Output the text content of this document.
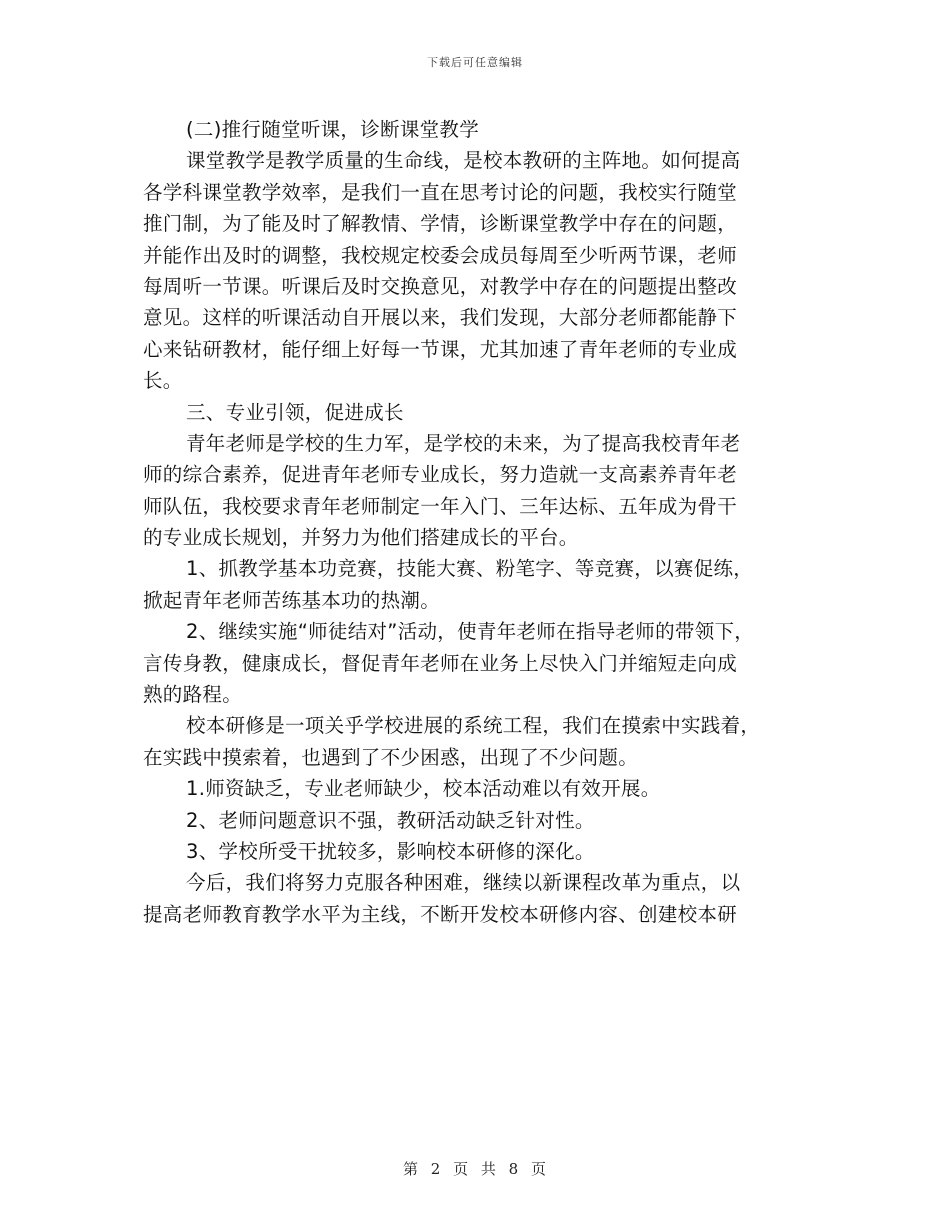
下载后可任意编辑
(二)推行随堂听课，诊断课堂教学
课堂教学是教学质量的生命线，是校本教研的主阵地。如何提高
各学科课堂教学效率，是我们一直在思考讨论的问题，我校实行随堂
推门制，为了能及时了解教情、学情，诊断课堂教学中存在的问题，
并能作出及时的调整，我校规定校委会成员每周至少听两节课，老师
每周听一节课。听课后及时交换意见，对教学中存在的问题提出整改
意见。这样的听课活动自开展以来，我们发现，大部分老师都能静下
心来钻研教材，能仔细上好每一节课，尤其加速了青年老师的专业成
长。
三、专业引领，促进成长
青年老师是学校的生力军，是学校的未来，为了提高我校青年老
师的综合素养，促进青年老师专业成长，努力造就一支高素养青年老
师队伍，我校要求青年老师制定一年入门、三年达标、五年成为骨干
的专业成长规划，并努力为他们搭建成长的平台。
1、抓教学基本功竞赛，技能大赛、粉笔字、等竞赛，以赛促练，
掀起青年老师苦练基本功的热潮。
2、继续实施“师徒结对”活动，使青年老师在指导老师的带领下，
言传身教，健康成长，督促青年老师在业务上尽快入门并缩短走向成
熟的路程。
校本研修是一项关乎学校进展的系统工程，我们在摸索中实践着，
在实践中摸索着，也遇到了不少困惑，出现了不少问题。
1.师资缺乏，专业老师缺少，校本活动难以有效开展。
2、老师问题意识不强，教研活动缺乏针对性。
3、学校所受干扰较多，影响校本研修的深化。
今后，我们将努力克服各种困难，继续以新课程改革为重点，以
提高老师教育教学水平为主线，不断开发校本研修内容、创建校本研
第 2 页 共 8 页
